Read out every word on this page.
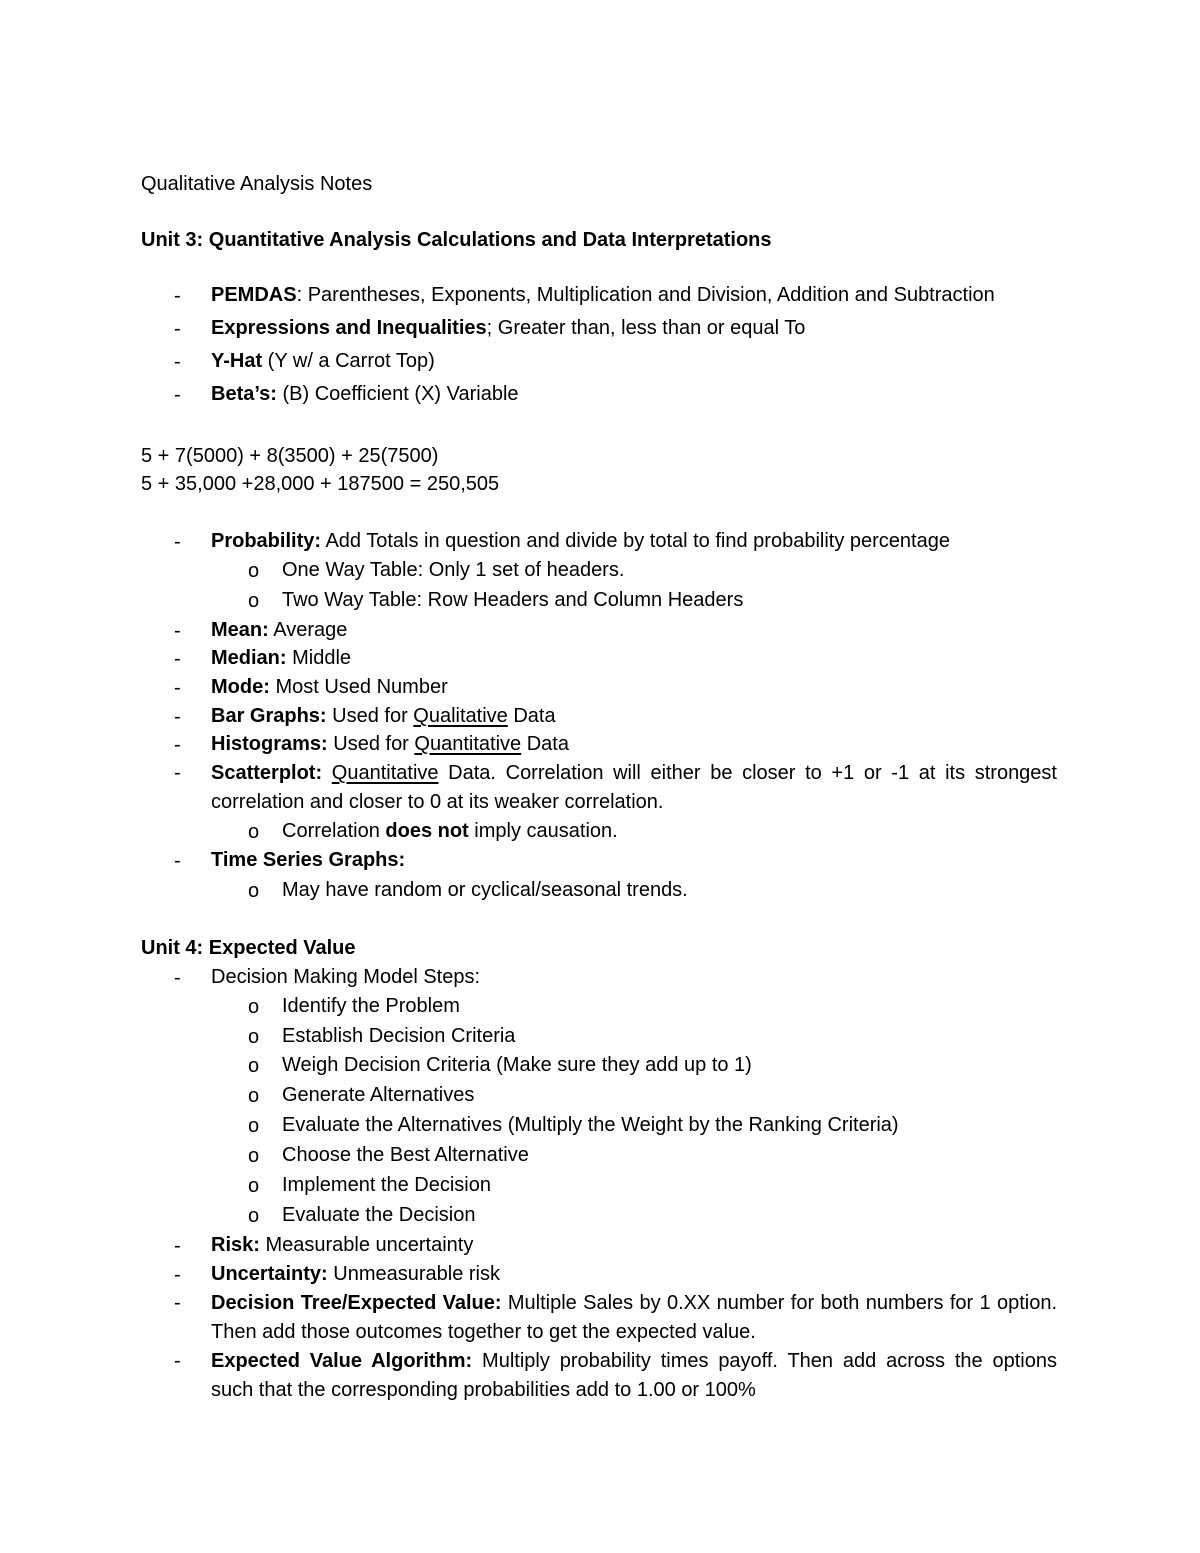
Qualitative Analysis Notes
Unit 3: Quantitative Analysis Calculations and Data Interpretations
- PEMDAS: Parentheses, Exponents, Multiplication and Division, Addition and Subtraction
- Expressions and Inequalities; Greater than, less than or equal To
- Y-Hat (Y w/ a Carrot Top)
- Beta’s: (B) Coefficient (X) Variable
5 + 7(5000) + 8(3500) + 25(7500)
5 + 35,000 +28,000 + 187500 = 250,505
- Probability: Add Totals in question and divide by total to find probability percentage
o One Way Table: Only 1 set of headers.
o Two Way Table: Row Headers and Column Headers
- Mean: Average
- Median: Middle
- Mode: Most Used Number
- Bar Graphs: Used for Qualitative Data
- Histograms: Used for Quantitative Data
- Scatterplot: Quantitative Data. Correlation will either be closer to +1 or -1 at its strongest correlation and closer to 0 at its weaker correlation.
o Correlation does not imply causation.
- Time Series Graphs:
o May have random or cyclical/seasonal trends.
Unit 4: Expected Value
- Decision Making Model Steps:
o Identify the Problem
o Establish Decision Criteria
o Weigh Decision Criteria (Make sure they add up to 1)
o Generate Alternatives
o Evaluate the Alternatives (Multiply the Weight by the Ranking Criteria)
o Choose the Best Alternative
o Implement the Decision
o Evaluate the Decision
- Risk: Measurable uncertainty
- Uncertainty: Unmeasurable risk
- Decision Tree/Expected Value: Multiple Sales by 0.XX number for both numbers for 1 option. Then add those outcomes together to get the expected value.
- Expected Value Algorithm: Multiply probability times payoff. Then add across the options such that the corresponding probabilities add to 1.00 or 100%
